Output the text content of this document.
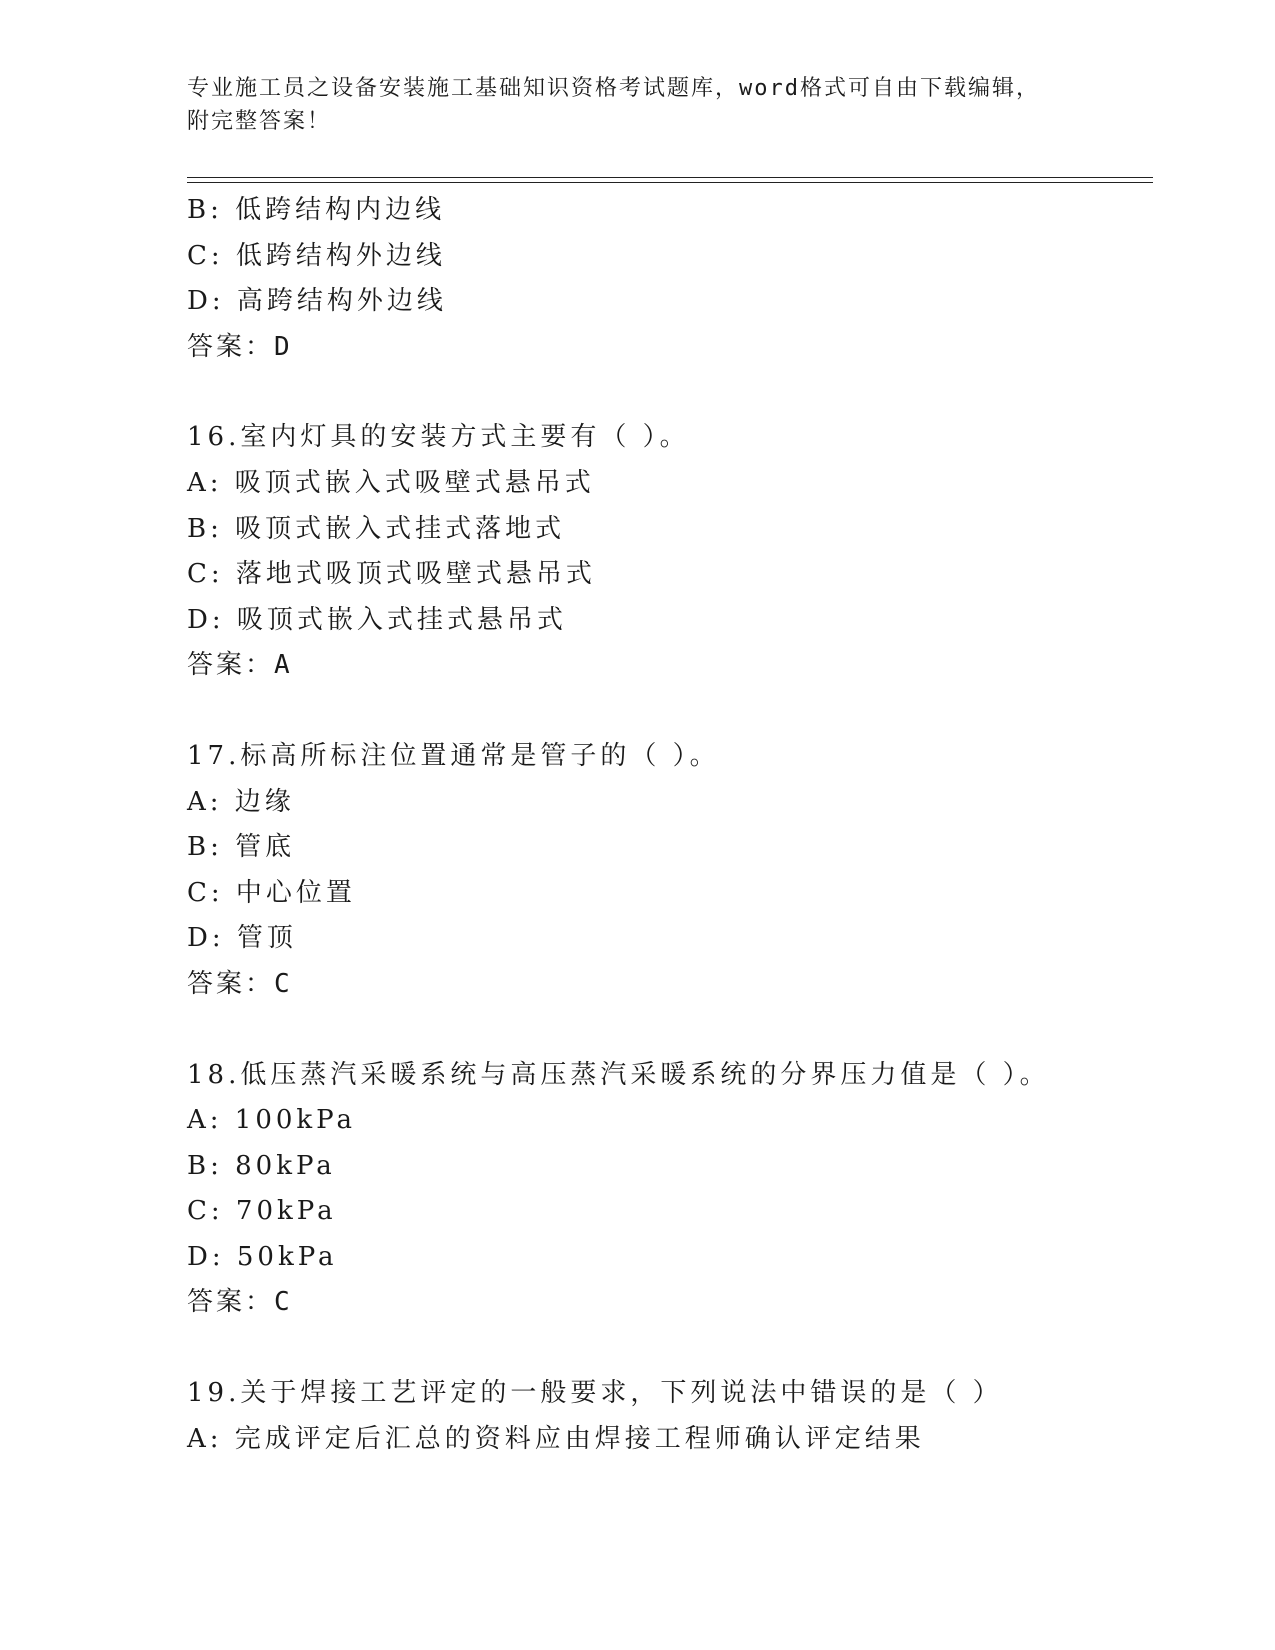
专业施工员之设备安装施工基础知识资格考试题库，word格式可自由下载编辑，
附完整答案！
B: 低跨结构内边线
C: 低跨结构外边线
D: 高跨结构外边线
答案：D
16.室内灯具的安装方式主要有（ ）。
A: 吸顶式嵌入式吸壁式悬吊式
B: 吸顶式嵌入式挂式落地式
C: 落地式吸顶式吸壁式悬吊式
D: 吸顶式嵌入式挂式悬吊式
答案：A
17.标高所标注位置通常是管子的（ ）。
A: 边缘
B: 管底
C: 中心位置
D: 管顶
答案：C
18.低压蒸汽采暖系统与高压蒸汽采暖系统的分界压力值是（ ）。
A: 100kPa
B: 80kPa
C: 70kPa
D: 50kPa
答案：C
19.关于焊接工艺评定的一般要求，下列说法中错误的是（ ）
A: 完成评定后汇总的资料应由焊接工程师确认评定结果
